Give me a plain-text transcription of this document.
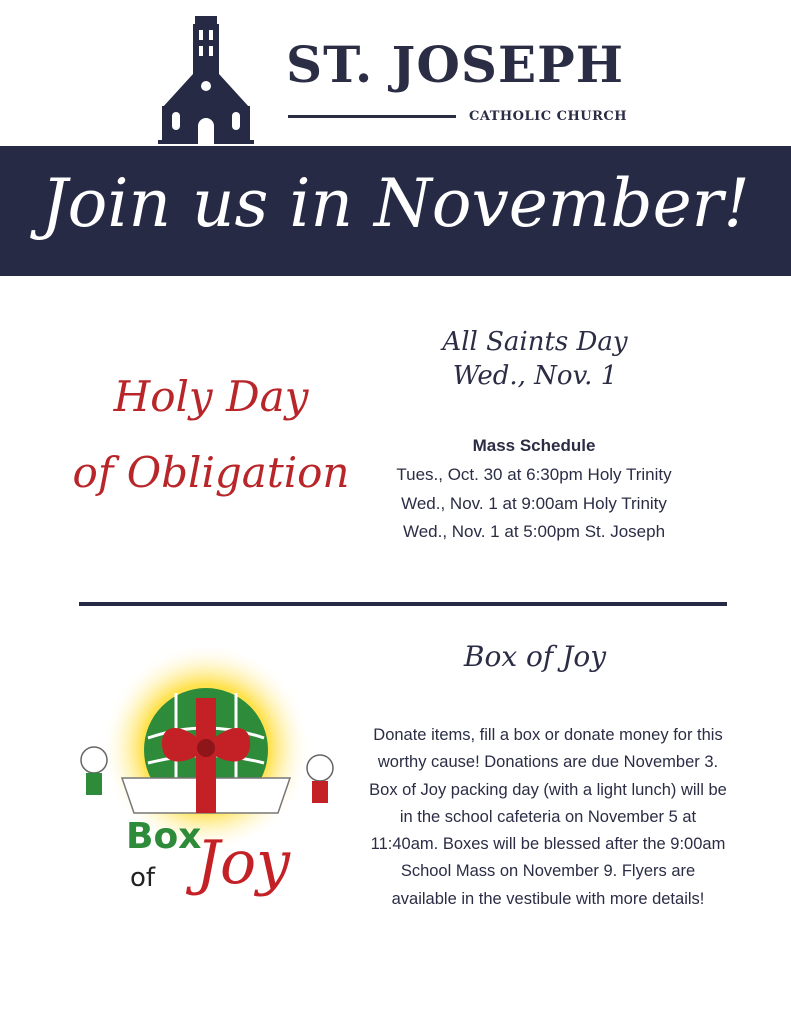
ST. JOSEPH
CATHOLIC CHURCH
Join us in November!
Holy Day
of Obligation
All Saints Day
Wed., Nov. 1
Mass Schedule
Tues., Oct. 30 at 6:30pm Holy Trinity
Wed., Nov. 1 at 9:00am Holy Trinity
Wed., Nov. 1 at 5:00pm St. Joseph
Box
of Joy
Box of Joy
Donate items, fill a box or donate money for this worthy cause! Donations are due November 3. Box of Joy packing day (with a light lunch) will be in the school cafeteria on November 5 at 11:40am. Boxes will be blessed after the 9:00am School Mass on November 9. Flyers are available in the vestibule with more details!
